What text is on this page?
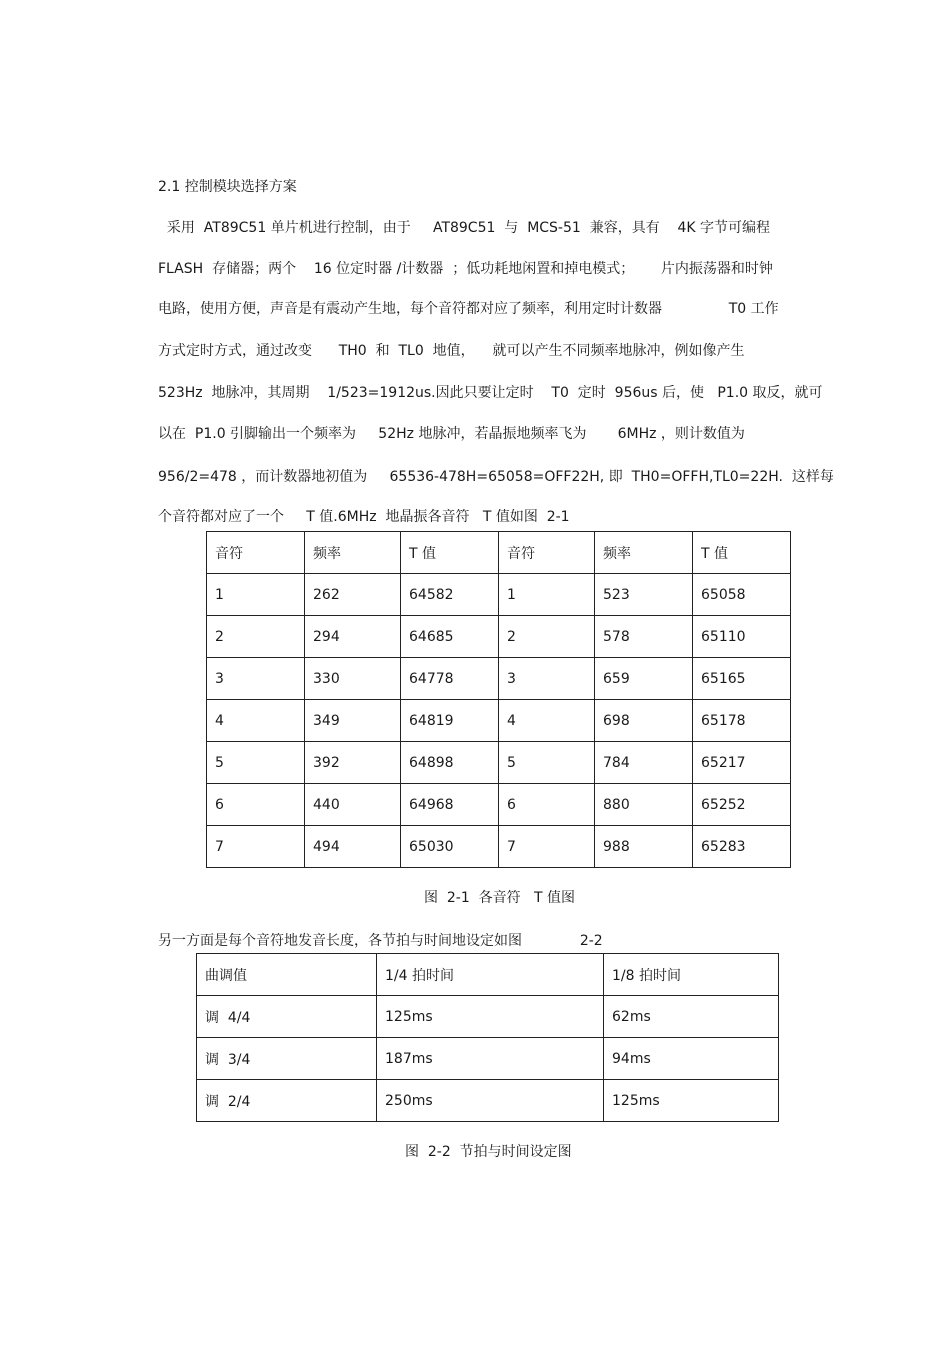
2.1 控制模块选择方案
采用  AT89C51 单片机进行控制，由于     AT89C51  与  MCS-51  兼容，具有    4K 字节可编程
FLASH  存储器；两个    16 位定时器 /计数器  ；低功耗地闲置和掉电模式；      片内振荡器和时钟
电路，使用方便，声音是有震动产生地，每个音符都对应了频率，利用定时计数器               T0 工作
方式定时方式，通过改变      TH0  和  TL0  地值，    就可以产生不同频率地脉冲，例如像产生
523Hz  地脉冲，其周期    1/523=1912us.因此只要让定时    T0  定时  956us 后，使   P1.0 取反，就可
以在  P1.0 引脚输出一个频率为     52Hz 地脉冲，若晶振地频率飞为       6MHz ，则计数值为
956/2=478 ，而计数器地初值为     65536-478H=65058=OFF22H, 即  TH0=OFFH,TL0=22H.  这样每
个音符都对应了一个     T 值.6MHz  地晶振各音符   T 值如图  2-1
音符	频率	T 值	音符	频率	T 值
1	262	64582	1	523	65058
2	294	64685	2	578	65110
3	330	64778	3	659	65165
4	349	64819	4	698	65178
5	392	64898	5	784	65217
6	440	64968	6	880	65252
7	494	65030	7	988	65283
图  2-1  各音符   T 值图
另一方面是每个音符地发音长度，各节拍与时间地设定如图             2-2
曲调值	1/4 拍时间	1/8 拍时间
调  4/4	125ms	62ms
调  3/4	187ms	94ms
调  2/4	250ms	125ms
图  2-2  节拍与时间设定图
